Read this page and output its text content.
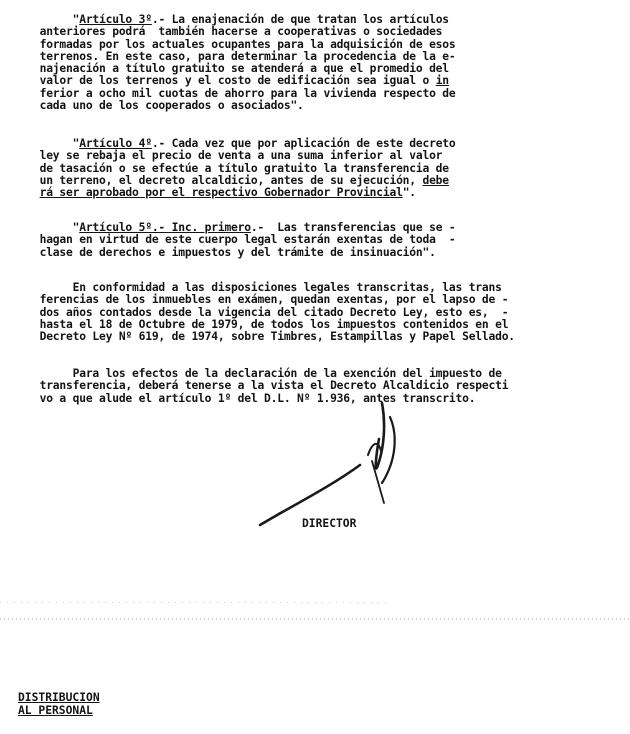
"Artículo 3º.- La enajenación de que tratan los artículos
anteriores podrá  también hacerse a cooperativas o sociedades
formadas por los actuales ocupantes para la adquisición de esos
terrenos. En este caso, para determinar la procedencia de la e-
najenación a título gratuito se atenderá a que el promedio del
valor de los terrenos y el costo de edificación sea igual o in
ferior a ocho mil cuotas de ahorro para la vivienda respecto de
cada uno de los cooperados o asociados".
"Artículo 4º.- Cada vez que por aplicación de este decreto
ley se rebaja el precio de venta a una suma inferior al valor
de tasación o se efectúe a título gratuito la transferencia de
un terreno, el decreto alcaldicio, antes de su ejecución, debe
rá ser aprobado por el respectivo Gobernador Provincial".
"Artículo 5º.- Inc. primero.-  Las transferencias que se -
hagan en virtud de este cuerpo legal estarán exentas de toda  -
clase de derechos e impuestos y del trámite de insinuación".
En conformidad a las disposiciones legales transcritas, las trans
ferencias de los inmuebles en exámen, quedan exentas, por el lapso de -
dos años contados desde la vigencia del citado Decreto Ley, esto es,  -
hasta el 18 de Octubre de 1979, de todos los impuestos contenidos en el
Decreto Ley Nº 619, de 1974, sobre Timbres, Estampillas y Papel Sellado.
Para los efectos de la declaración de la exención del impuesto de
transferencia, deberá tenerse a la vista el Decreto Alcaldicio respecti
vo a que alude el artículo 1º del D.L. Nº 1.936, antes transcrito.
DIRECTOR
DISTRIBUCION
AL PERSONAL
